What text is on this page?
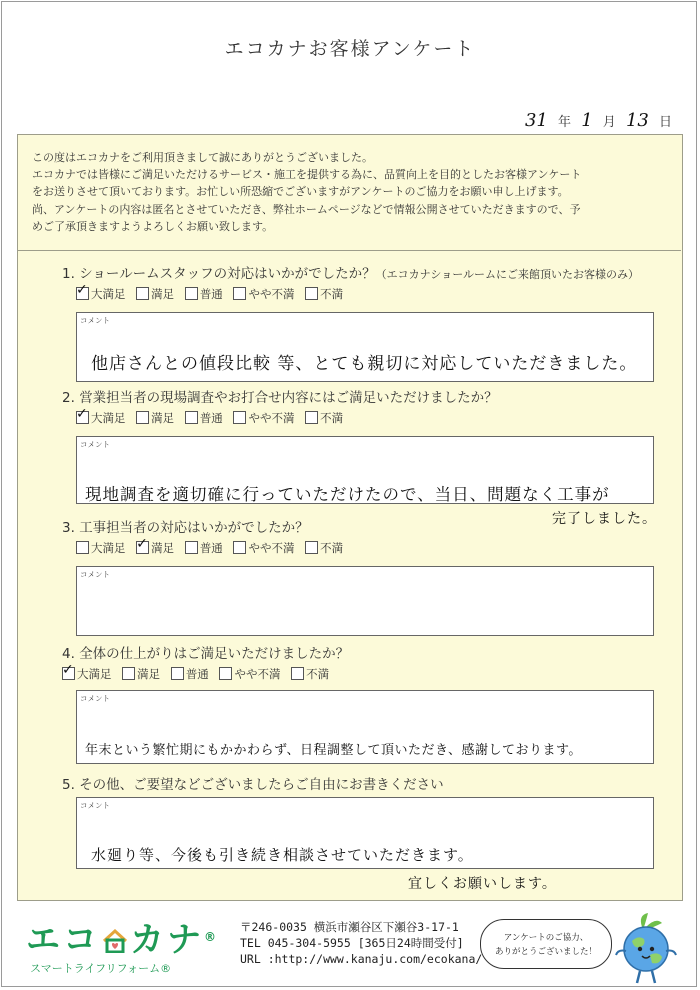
エコカナお客様アンケート
31 年 1 月 13 日
この度はエコカナをご利用頂きまして誠にありがとうございました。
エコカナでは皆様にご満足いただけるサービス・施工を提供する為に、品質向上を目的としたお客様アンケート
をお送りさせて頂いております。お忙しい所恐縮でございますがアンケートのご協力をお願い申し上げます。
尚、アンケートの内容は匿名とさせていただき、弊社ホームページなどで情報公開させていただきますので、予
めご了承頂きますようよろしくお願い致します。
1. ショールームスタッフの対応はいかがでしたか？（エコカナショールームにご来館頂いたお客様のみ）
✓大満足 満足 普通 やや不満 不満
コメント
他店さんとの値段比較 等、とても親切に対応していただきました。
2. 営業担当者の現場調査やお打合せ内容にはご満足いただけましたか？
✓大満足 満足 普通 やや不満 不満
コメント
現地調査を適切確に行っていただけたので、当日、問題なく工事が
完了しました。
3. 工事担当者の対応はいかがでしたか？
大満足 ✓ 満足 普通 やや不満 不満
コメント
4. 全体の仕上がりはご満足いただけましたか？
✓大満足 満足 普通 やや不満 不満
コメント
年末という繁忙期にもかかわらず、日程調整して頂いただき、感謝しております。
5. その他、ご要望などございましたらご自由にお書きください
コメント
水廻り等、今後も引き続き相談させていただきます。
宜しくお願いします。
エコ カナ®
スマートライフリフォーム®
〒246-0035 横浜市瀬谷区下瀬谷3-17-1
TEL 045-304-5955 [365日24時間受付]
URL :http://www.kanaju.com/ecokana/
アンケートのご協力、
ありがとうございました！
